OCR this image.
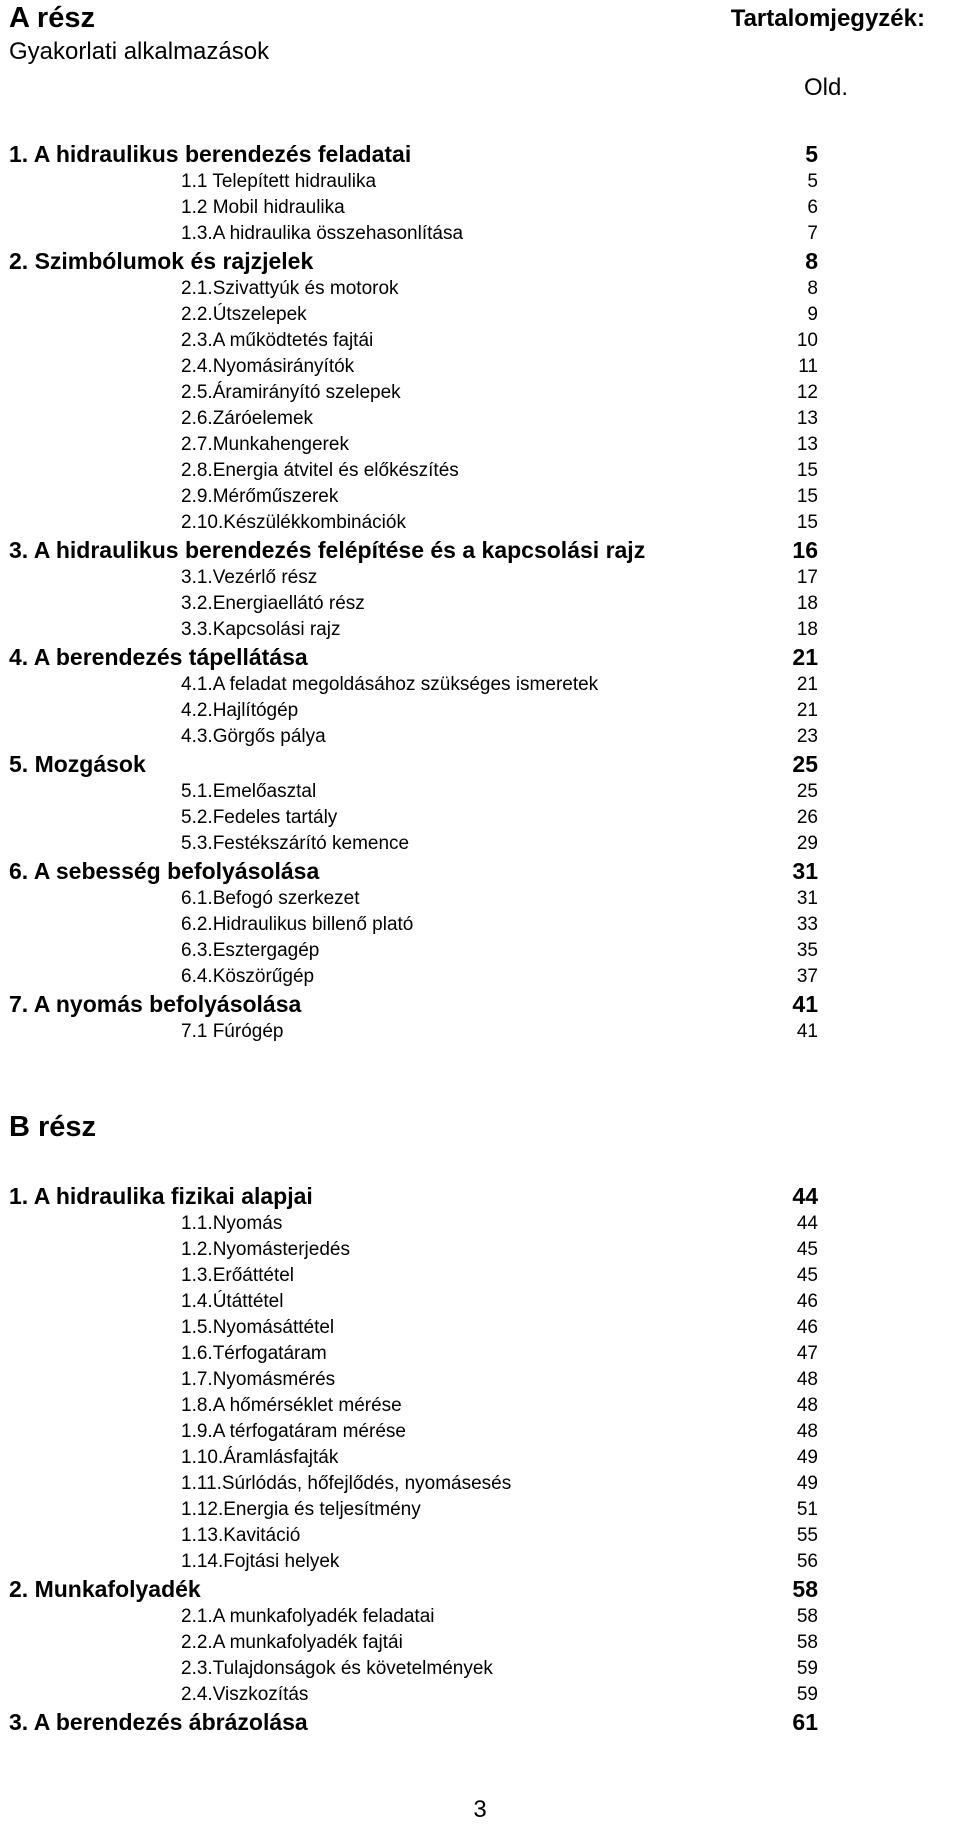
A rész
Gyakorlati alkalmazások
Tartalomjegyzék:
Old.
1. A hidraulikus berendezés feladatai	5
1.1 Telepített hidraulika	5
1.2 Mobil hidraulika	6
1.3.A hidraulika összehasonlítása	7
2. Szimbólumok és rajzjelek	8
2.1.Szivattyúk és motorok	8
2.2.Útszelepek	9
2.3.A működtetés fajtái	10
2.4.Nyomásirányítók	11
2.5.Áramirányító szelepek	12
2.6.Záróelemek	13
2.7.Munkahengerek	13
2.8.Energia átvitel és előkészítés	15
2.9.Mérőműszerek	15
2.10.Készülékkombinációk	15
3. A hidraulikus berendezés felépítése és a kapcsolási rajz	16
3.1.Vezérlő rész	17
3.2.Energiaellátó rész	18
3.3.Kapcsolási rajz	18
4. A berendezés tápellátása	21
4.1.A feladat megoldásához szükséges ismeretek	21
4.2.Hajlítógép	21
4.3.Görgős pálya	23
5. Mozgások	25
5.1.Emelőasztal	25
5.2.Fedeles tartály	26
5.3.Festékszárító kemence	29
6. A sebesség befolyásolása	31
6.1.Befogó szerkezet	31
6.2.Hidraulikus billenő plató	33
6.3.Esztergagép	35
6.4.Köszörűgép	37
7. A nyomás befolyásolása	41
7.1 Fúrógép	41
B rész
1. A hidraulika fizikai alapjai	44
1.1.Nyomás	44
1.2.Nyomásterjedés	45
1.3.Erőáttétel	45
1.4.Útáttétel	46
1.5.Nyomásáttétel	46
1.6.Térfogatáram	47
1.7.Nyomásmérés	48
1.8.A hőmérséklet mérése	48
1.9.A térfogatáram mérése	48
1.10.Áramlásfajták	49
1.11.Súrlódás, hőfejlődés, nyomásesés	49
1.12.Energia és teljesítmény	51
1.13.Kavitáció	55
1.14.Fojtási helyek	56
2. Munkafolyadék	58
2.1.A munkafolyadék feladatai	58
2.2.A munkafolyadék fajtái	58
2.3.Tulajdonságok és követelmények	59
2.4.Viszkozítás	59
3. A berendezés ábrázolása	61
3
